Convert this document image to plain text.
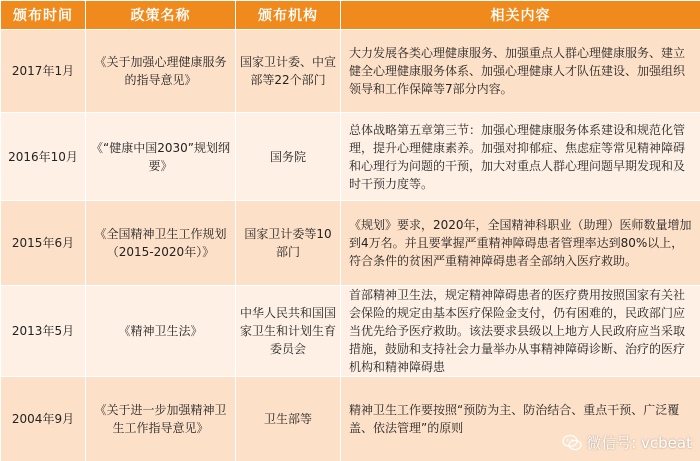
颁布时间	政策名称	颁布机构	相关内容
2017年1月	《关于加强心理健康服务的指导意见》	国家卫计委、中宣部等22个部门	大力发展各类心理健康服务、加强重点人群心理健康服务、建立健全心理健康服务体系、加强心理健康人才队伍建设、加强组织 领导和工作保障等7部分内容。
2016年10月	《“健康中国2030”规划纲要》	国务院	总体战略第五章第三节：加强心理健康服务体系建设和规范化管理，提升心理健康素养。加强对抑郁症、焦虑症等常见精神障碍和心理行为问题的干预，加大对重点人群心理问题早期发现和及时干预力度等。
2015年6月	《全国精神卫生工作规划（2015-2020年）》	国家卫计委等10部门	《规划》要求，2020年，全国精神科职业（助理）医师数量增加到4万名。并且要掌握严重精神障碍患者管理率达到80%以上，符合条件的贫困严重精神障碍患者全部纳入医疗救助。
2013年5月	《精神卫生法》	中华人民共和国国家卫生和计划生育委员会	首部精神卫生法，规定精神障碍患者的医疗费用按照国家有关社会保险的规定由基本医疗保险金支付，仍有困难的，民政部门应当优先给予医疗救助。该法要求县级以上地方人民政府应当采取措施，鼓励和支持社会力量举办从事精神障碍诊断、治疗的医疗机构和精神障碍患
2004年9月	《关于进一步加强精神卫生工作指导意见》	卫生部等	精神卫生工作要按照“预防为主、防治结合、重点干预、广泛覆盖、依法管理”的原则
微信号: vcbeat
